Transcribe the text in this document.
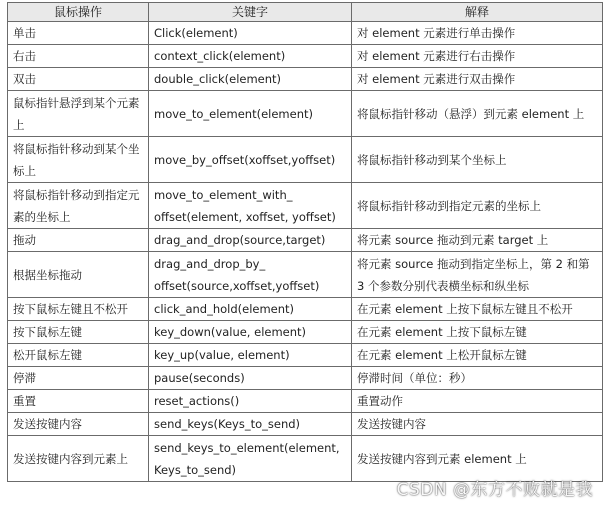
鼠标操作	关键字	解释
单击	Click(element)	对 element 元素进行单击操作
右击	context_click(element)	对 element 元素进行右击操作
双击	double_click(element)	对 element 元素进行双击操作
鼠标指针悬浮到某个元素上	move_to_element(element)	将鼠标指针移动（悬浮）到元素 element 上
将鼠标指针移动到某个坐标上	move_by_offset(xoffset,yoffset)	将鼠标指针移动到某个坐标上
将鼠标指针移动到指定元素的坐标上	move_to_element_with_ offset(element, xoffset, yoffset)	将鼠标指针移动到指定元素的坐标上
拖动	drag_and_drop(source,target)	将元素 source 拖动到元素 target 上
根据坐标拖动	drag_and_drop_by_ offset(source,xoffset,yoffset)	将元素 source 拖动到指定坐标上，第 2 和第 3 个参数分别代表横坐标和纵坐标
按下鼠标左键且不松开	click_and_hold(element)	在元素 element 上按下鼠标左键且不松开
按下鼠标左键	key_down(value, element)	在元素 element 上按下鼠标左键
松开鼠标左键	key_up(value, element)	在元素 element 上松开鼠标左键
停滞	pause(seconds)	停滞时间（单位：秒）
重置	reset_actions()	重置动作
发送按键内容	send_keys(Keys_to_send)	发送按键内容
发送按键内容到元素上	send_keys_to_element(element, Keys_to_send)	发送按键内容到元素 element 上
CSDN @东方不败就是我
